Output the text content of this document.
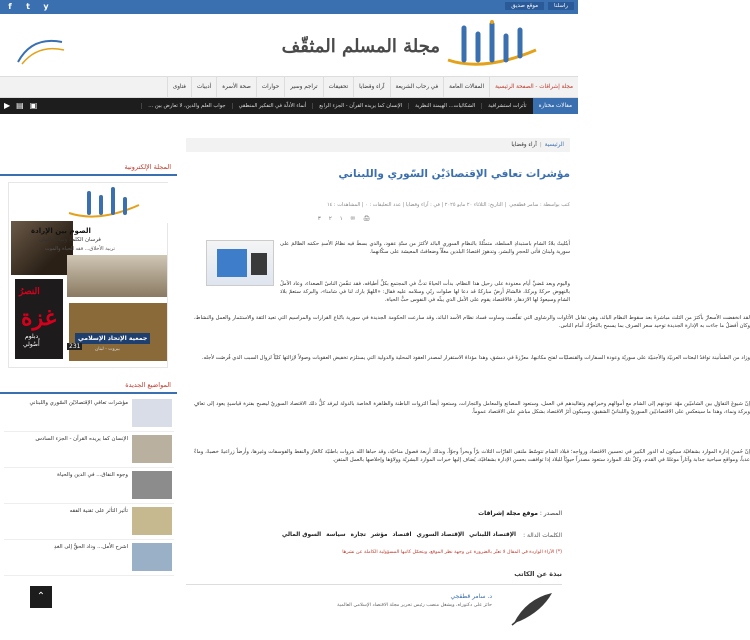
راسلنا
موقع صديق
f	t	y
مجلة المسلم المثقّف
مجلة إشراقات - الصفحة الرئيسية
المقالات العامة
في رحاب الشريعة
آراء وقضايا
تحقيقات
تراجم وسير
حوارات
صحة الأسرة
أدبيات
فتاوى
مقالات مختارة
تأثرات استشرافية
الشكائيات... الهيمنة النظرية
الإنسان كما يريده القرآن - الجزء الرابع
أنماء الأدلّة في التفكير المنطقي
جواب العلم والدين، لا تعارض بين ...
▣
▤
▶
المجلة الإلكترونية
الصوم بين الإرادة
فرسان الكلمة وسادة البيان
تربية الأخلاق... فقه الحياة والموت
النصرُ
غزة
دبلوم
أُصُولي
جمعية الإتحاد الإسلامي
بيروت - لبنان
231
المواضيع الجديدة
مؤشرات تعافي الإقتصادَيْن السّوري واللبناني
الإنسان كما يريده القرآن - الجزء السادس
وجوه النفاق... في الدين والحياة
تأثير التأثر على تقنية الفقه
اشرح الأمل... وداد الحقُّ إلى الغدِ
⌃
الرئيسية|آراء وقضايا
مؤشرات تعافي الإقتصادَيْن السّوري واللبناني
كتب بواسطة : سامر قطقجي ‏‏‏ | التاريخ: الثلاثاء ٢٠ مايو ٢٠٢٥ | في : آراء وقضايا | عدد التعليقات : ٠ | المشاهدات : ١٤
🖨
✉
١
٢
٣

أبتُليتْ بلادُ الشامِ باستبدادِ السلطة، متمثِّلةً بالنظامِ السوري البائد لأكثرَ من ستّةِ عقود، والذي بسطَ فيه نظامُ الأسدِ حكمَه الظالمَ على سورية ولبنانَ فأتى للحجرِ والبشر، وتدهورَ اقتصادُ البلدين مغلّاً وضعافتُ المعيشة على سكّانهما.

واليوم وبعد مُضيِّ أيام معدودة على رحيل هذا النظام، بدأت الحياةُ تدبُّ في المجتمع بكلِّ أطيافه، فقد تنفّسَ الناسُ الصعداء، وعاد الأملُ بالنهوض حركةً وبركةً، فالشامُ أرضٌ مباركةٌ قد دعا لها صلوات ربّي وسلامه عليه فقال: «اللهمَّ بارك لنا في شامنا»، والبركة ستعمّ بلادَ الشامِ وسيعودُ لها الازدهار، فالاقتصاد يقوم على الأمل الذي يبثّه في النفوس حبُّ الحياة.

لقد انخفضت الأسعارُ بأكثرَ من الثلث مباشرةً بعد سقوط النظام البائد، وهي تقابل الأثاوات والرشاوى التي تقلّصت وساوت فساد نظام الأسد البائد، وقد سارعت الحكومة الجديدة في سورية باتّباع القرارات والمراسيم التي تعيد الثقة والاستثمار والعمل والنشاط، وكان أفضلُ ما جاءت به الإدارة الجديدة توحيد سعر الصرف بما يسمح بالتحرُّك أمام الناس.

وزاد من الطمأنينة توافدُ البعثات العربيّة والأجنبيّة على سوريّة وعودة السفارات والقنصليّات لفتح مكاتبها، معزّزةً في دمشق، وهذا مؤداهُ الاستقرار لمصدر العقود المحلية والدولية التي يستلزم تخفيض العقوبات وصولاً لإزالتها كليّاً لزوال السبب الذي فُرضَت لأجله.

إنّ شيوعَ التفاؤلِ بين الشاميّين مهّد عودتهم إلى الشام مع أموالهم وخبراتهم وتقاليدهم في العمل، وستعود المصانع والمعامل والتجارات، وستعود أيضاً الثروات الباطنة والظاهرة الخاصة بالدولة ليرفد كلُّ ذلك الاقتصاد السوريّ ليصبح بفترة قياسيةٍ يعود إلى تعافٍ وبركة ونماء، وهذا ما سينعكس على الاقتصاديّين السوريّ واللبنانيّ الشقيق، وسيكون أثرُ الاقتصاد بشكل مباشرٍ على الاقتصاد عموماً.

إنّ حُسنَ إدارة الموارد بشفافيّة سيكون له الدور الكبير في تحسين الاقتصاد ورواجه؛ فبلاد الشام تتوسّط ملتقى القارّات الثلاث برّاً وبحراً وجوّاً، وبذلك أربعة فصول مناخيّة، وقد حباها الله بثروات باطنيّة كالغاز والنفط والفوسفات وغيرها، وأرضاً زراعيةً خصبةً، وماءً عذباً، ومواقع سياحية جذابة وآثاراً موغلةً في القدم، وكلّ تلك الموارد ستعود مصدراً حيويّاً للبلاد إذا توافقت بحسن الإدارة بشفافيّة، يُضاف إليها خبرات الموارد البشريّة وولاؤها وإخلاصها بالعمل المتقن.

المصدر : موقع مجلة إشراقات
الكلمات الدالة :
الإقتصاد اللبناني
الإقتصاد السوري
اقتصاد
مؤشر
تجارة
سياسة
السوق المالي
(*) الآراء الواردة في المقال لا تعبّر بالضرورة عن وجهة نظر الموقع، ويتحمّل كاتبها المسؤولية الكاملة عن نشرها
نبذة عن الكاتب
د. سامر قطقجي
حائز على دكتوراه، ويشغل منصب رئيس تحرير مجلة الاقتصاد الإسلامي العالمية
